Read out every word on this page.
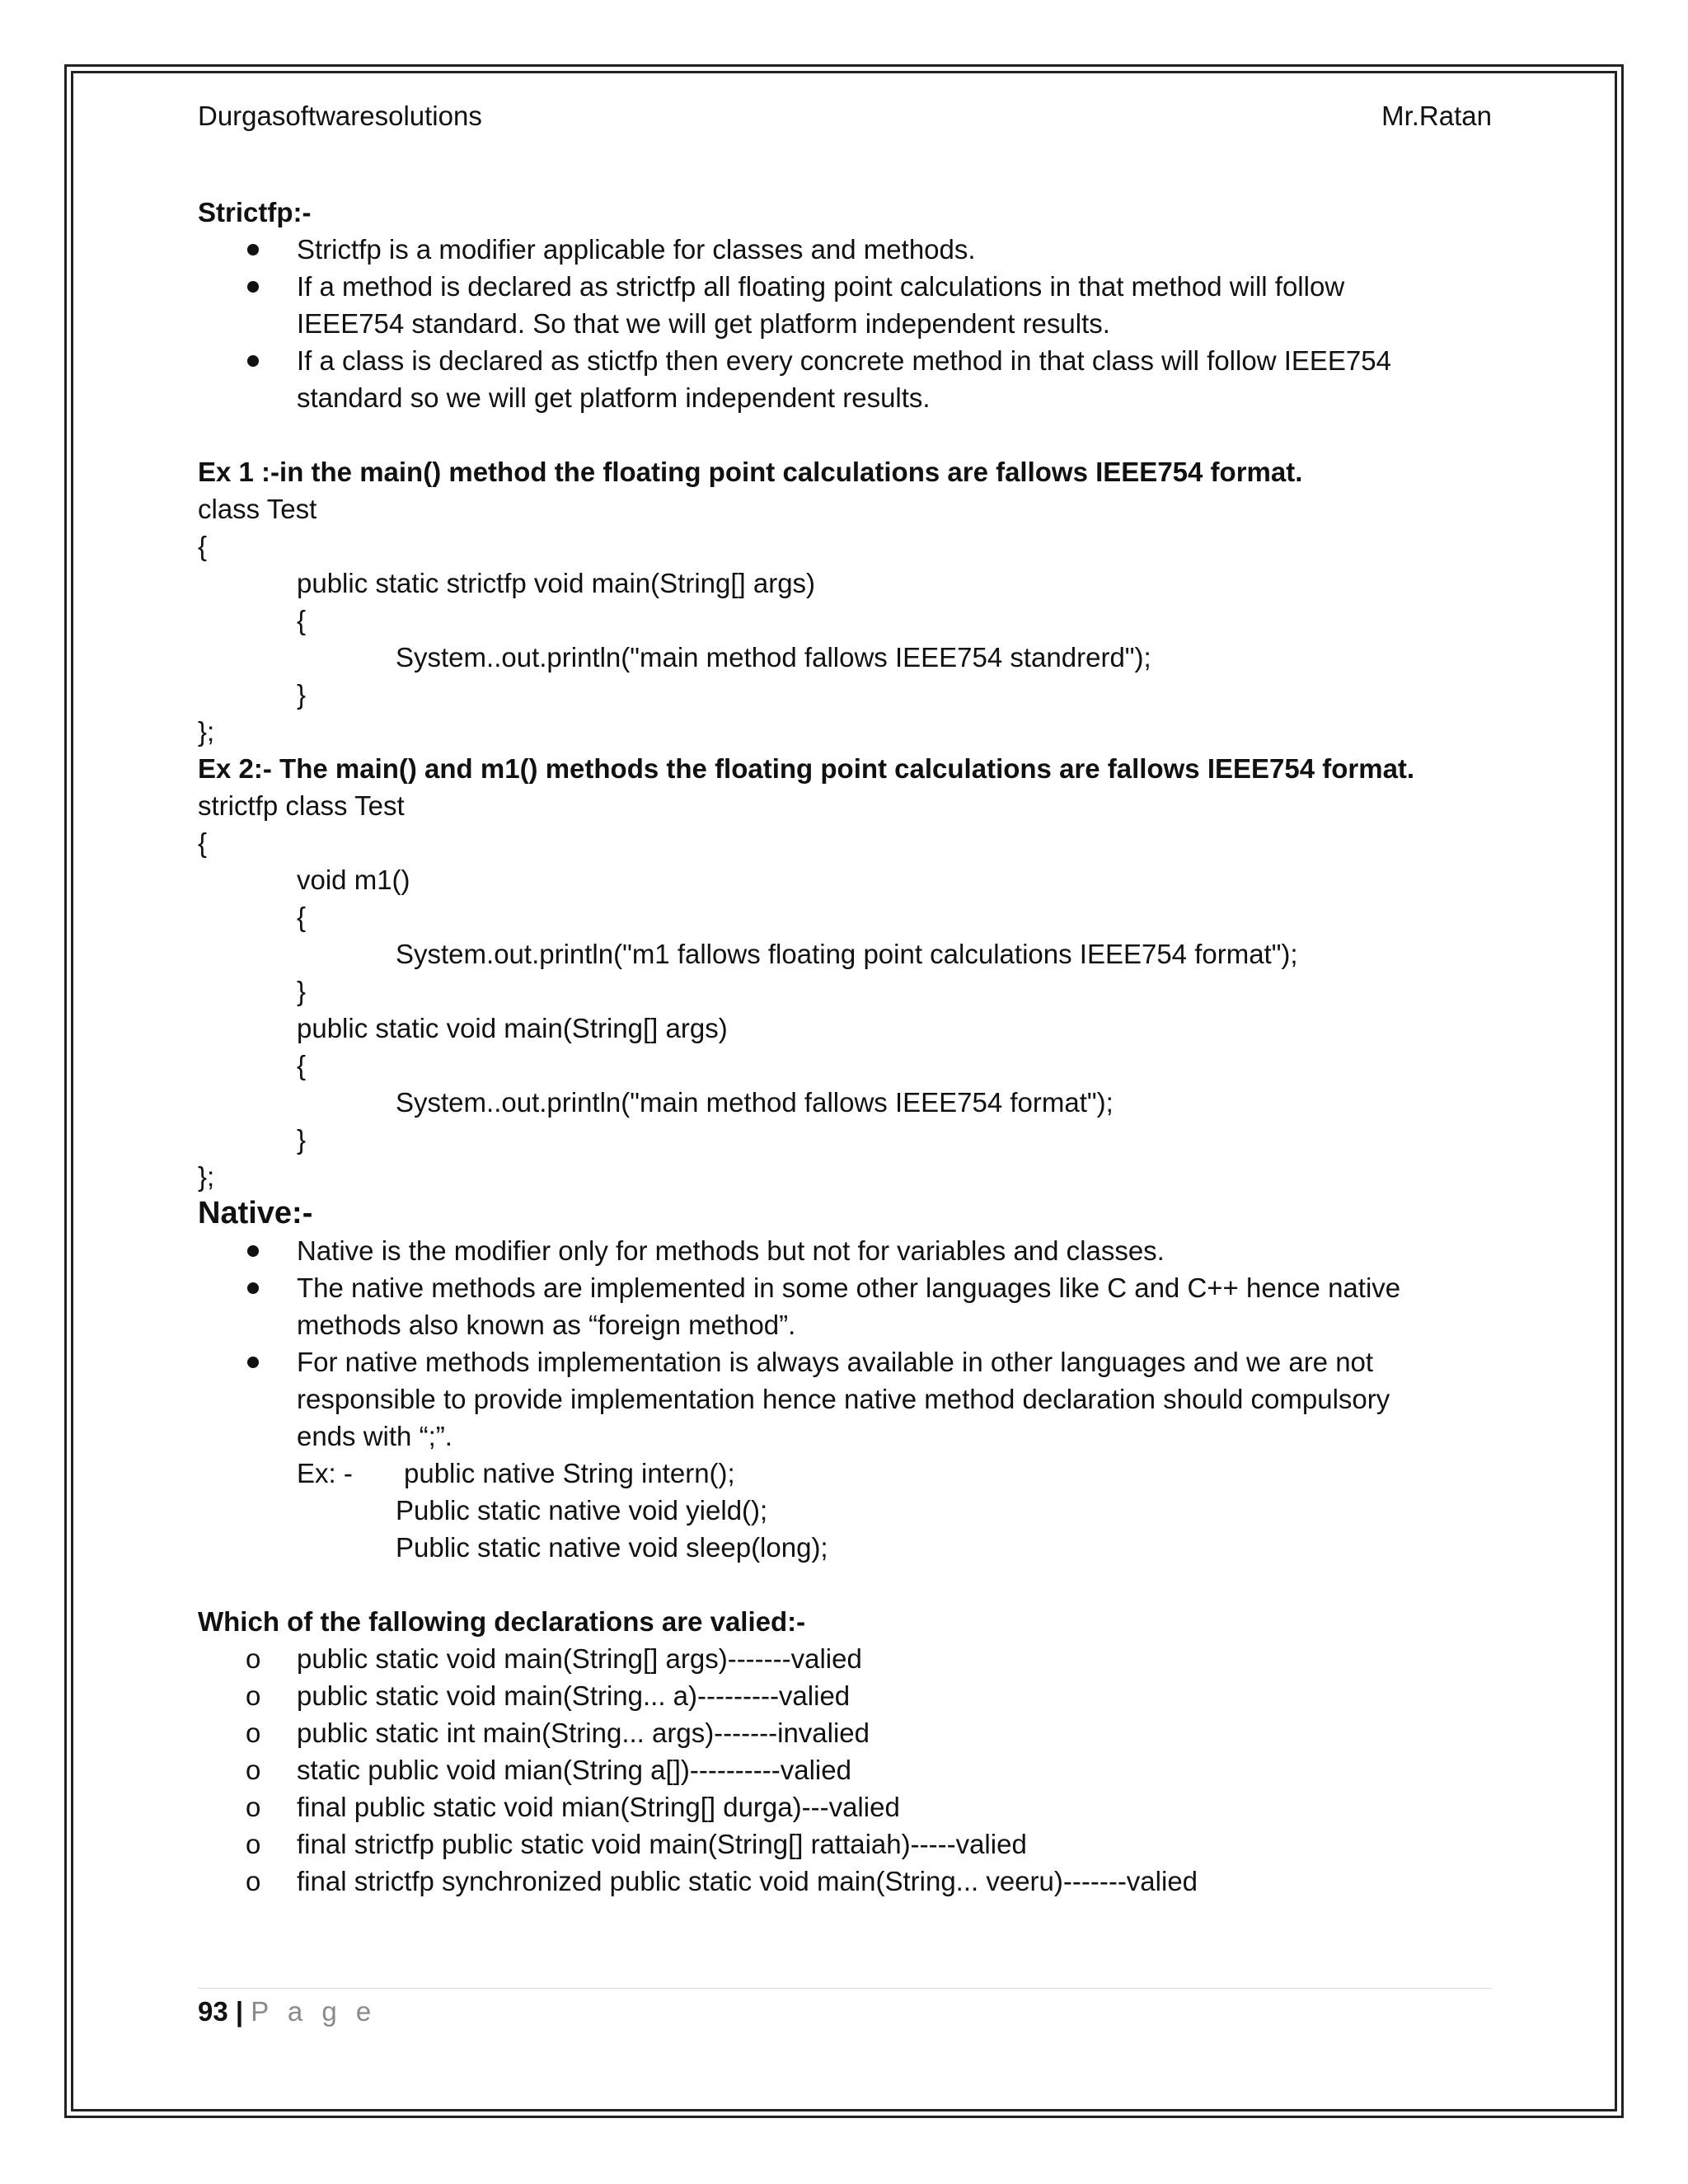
Durgasoftwaresolutions	Mr.Ratan
Strictfp:-
Strictfp is a modifier applicable for classes and methods.
If a method is declared as strictfp all floating point calculations in that method will follow
IEEE754 standard. So that we will get platform independent results.
If a class is declared as stictfp then every concrete method in that class will follow IEEE754
standard so we will get platform independent results.
Ex 1 :-in the main() method the floating point calculations are fallows IEEE754 format.
class Test
{
public static strictfp void main(String[] args)
{
System..out.println("main method fallows IEEE754 standrerd");
}
};
Ex 2:- The main() and m1() methods the floating point calculations are fallows IEEE754 format.
strictfp class Test
{
void m1()
{
System.out.println("m1 fallows floating point calculations IEEE754 format");
}
public static void main(String[] args)
{
System..out.println("main method fallows IEEE754 format");
}
};
Native:-
Native is the modifier only for methods but not for variables and classes.
The native methods are implemented in some other languages like C and C++ hence native
methods also known as “foreign method”.
For native methods implementation is always available in other languages and we are not
responsible to provide implementation hence native method declaration should compulsory
ends with “;”.
Ex: -	public native String intern();
Public static native void yield();
Public static native void sleep(long);
Which of the fallowing declarations are valied:-
o public static void main(String[] args)-------valied
o public static void main(String... a)---------valied
o public static int main(String... args)-------invalied
o static public void mian(String a[])----------valied
o final public static void mian(String[] durga)---valied
o final strictfp public static void main(String[] rattaiah)-----valied
o final strictfp synchronized public static void main(String... veeru)-------valied
93 | P a g e
